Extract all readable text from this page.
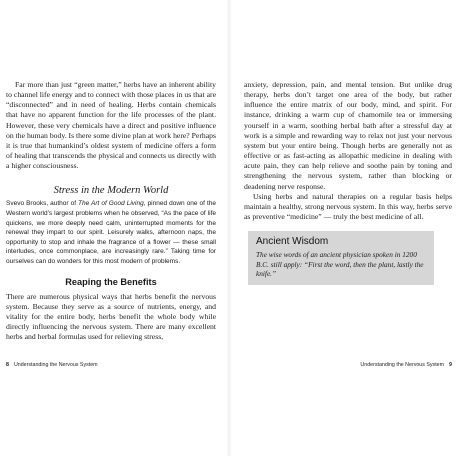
Far more than just “green matter,” herbs have an inherent ability to channel life energy and to connect with those places in us that are “disconnected” and in need of healing. Herbs contain chemicals that have no apparent function for the life processes of the plant. However, these very chemicals have a direct and positive influence on the human body. Is there some divine plan at work here? Perhaps it is true that humankind’s oldest system of medicine offers a form of healing that transcends the physical and connects us directly with a higher consciousness.

Stress in the Modern World

Svevo Brooks, author of The Art of Good Living, pinned down one of the Western world’s largest problems when he observed, “As the pace of life quickens, we more deeply need calm, uninterrupted moments for the renewal they impart to our spirit. Leisurely walks, afternoon naps, the opportunity to stop and inhale the fragrance of a flower — these small interludes, once commonplace, are increasingly rare.” Taking time for ourselves can do wonders for this most modern of problems.

Reaping the Benefits

There are numerous physical ways that herbs benefit the nervous system. Because they serve as a source of nutrients, energy, and vitality for the entire body, herbs benefit the whole body while directly influencing the nervous system. There are many excellent herbs and herbal formulas used for relieving stress,

anxiety, depression, pain, and mental tension. But unlike drug therapy, herbs don’t target one area of the body, but rather influence the entire matrix of our body, mind, and spirit. For instance, drinking a warm cup of chamomile tea or immersing yourself in a warm, soothing herbal bath after a stressful day at work is a simple and rewarding way to relax not just your nervous system but your entire being. Though herbs are generally not as effective or as fast-acting as allopathic medicine in dealing with acute pain, they can help relieve and soothe pain by toning and strengthening the nervous system, rather than blocking or deadening nerve response.

Using herbs and natural therapies on a regular basis helps maintain a healthy, strong nervous system. In this way, herbs serve as preventive “medicine” — truly the best medicine of all.

Ancient Wisdom
The wise words of an ancient physician spoken in 1200 B.C. still apply: “First the word, then the plant, lastly the knife.”
8 Understanding the Nervous System	Understanding the Nervous System 9
